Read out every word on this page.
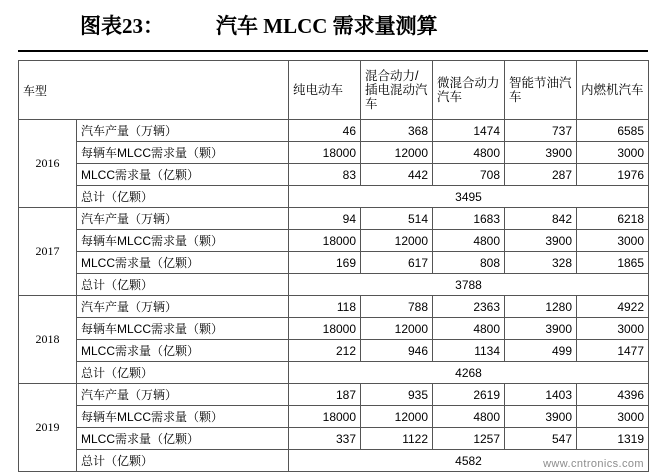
图表23： 汽车 MLCC 需求量测算
车型		纯电动车	混合动力/插电混动汽车	微混合动力汽车	智能节油汽车	内燃机汽车
2016	汽车产量（万辆）	46	368	1474	737	6585
	每辆车MLCC需求量（颗）	18000	12000	4800	3900	3000
	MLCC需求量（亿颗）	83	442	708	287	1976
	总计（亿颗）	3495				
2017	汽车产量（万辆）	94	514	1683	842	6218
	每辆车MLCC需求量（颗）	18000	12000	4800	3900	3000
	MLCC需求量（亿颗）	169	617	808	328	1865
	总计（亿颗）	3788				
2018	汽车产量（万辆）	118	788	2363	1280	4922
	每辆车MLCC需求量（颗）	18000	12000	4800	3900	3000
	MLCC需求量（亿颗）	212	946	1134	499	1477
	总计（亿颗）	4268				
2019	汽车产量（万辆）	187	935	2619	1403	4396
	每辆车MLCC需求量（颗）	18000	12000	4800	3900	3000
	MLCC需求量（亿颗）	337	1122	1257	547	1319
	总计（亿颗）	4582					www.cntronics.com
